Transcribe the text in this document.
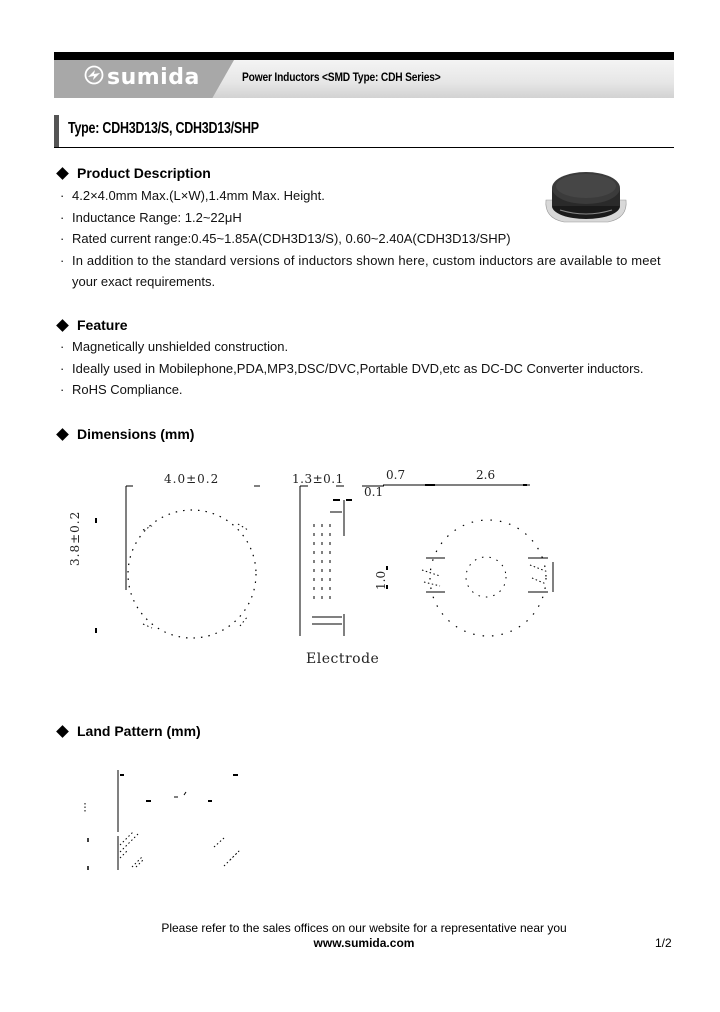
sumida	Power Inductors <SMD Type: CDH Series>
Type: CDH3D13/S, CDH3D13/SHP
Product Description
· 4.2×4.0mm Max.(L×W),1.4mm Max. Height.
· Inductance Range: 1.2~22μH
· Rated current range:0.45~1.85A(CDH3D13/S), 0.60~2.40A(CDH3D13/SHP)
· In addition to the standard versions of inductors shown here, custom inductors are available to meet
your exact requirements.
Feature
· Magnetically unshielded construction.
· Ideally used in Mobilephone,PDA,MP3,DSC/DVC,Portable DVD,etc as DC-DC Converter inductors.
· RoHS Compliance.
Dimensions (mm)
4.0±0.2
3.8±0.2
1.3±0.1
0.1
0.7	2.6
1.0
Electrode
Land Pattern (mm)
Please refer to the sales offices on our website for a representative near you
www.sumida.com	1/2
